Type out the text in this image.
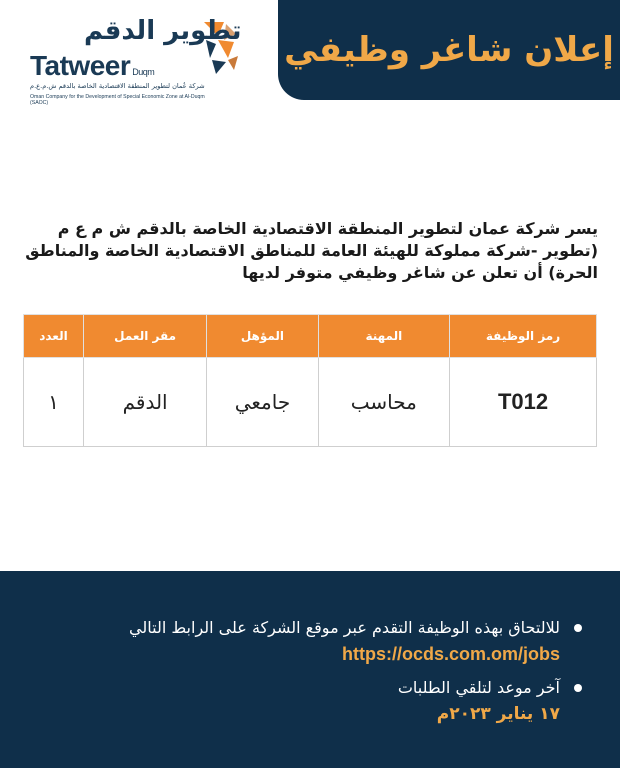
تطوير الدقم
Tatweer Duqm
شركة عُمان لتطوير المنطقة الاقتصادية الخاصة بالدقم ش.م.ع.م
Oman Company for the Development of Special Economic Zone at Al-Duqm (SAOC)
إعلان شاغر وظيفي
يسر شركة عمان لتطوير المنطقة الاقتصادية الخاصة بالدقم ش م ع م (تطوير -شركة مملوكة للهيئة العامة للمناطق الاقتصادية الخاصة والمناطق الحرة) أن تعلن عن شاغر وظيفي متوفر لديها
رمز الوظيفة	المهنة	المؤهل	مقر العمل	العدد
T012	محاسب	جامعي	الدقم	١
للالتحاق بهذه الوظيفة التقدم عبر موقع الشركة على الرابط التالي
https://ocds.com.om/jobs
آخر موعد لتلقي الطلبات
١٧ يناير ٢٠٢٣م
